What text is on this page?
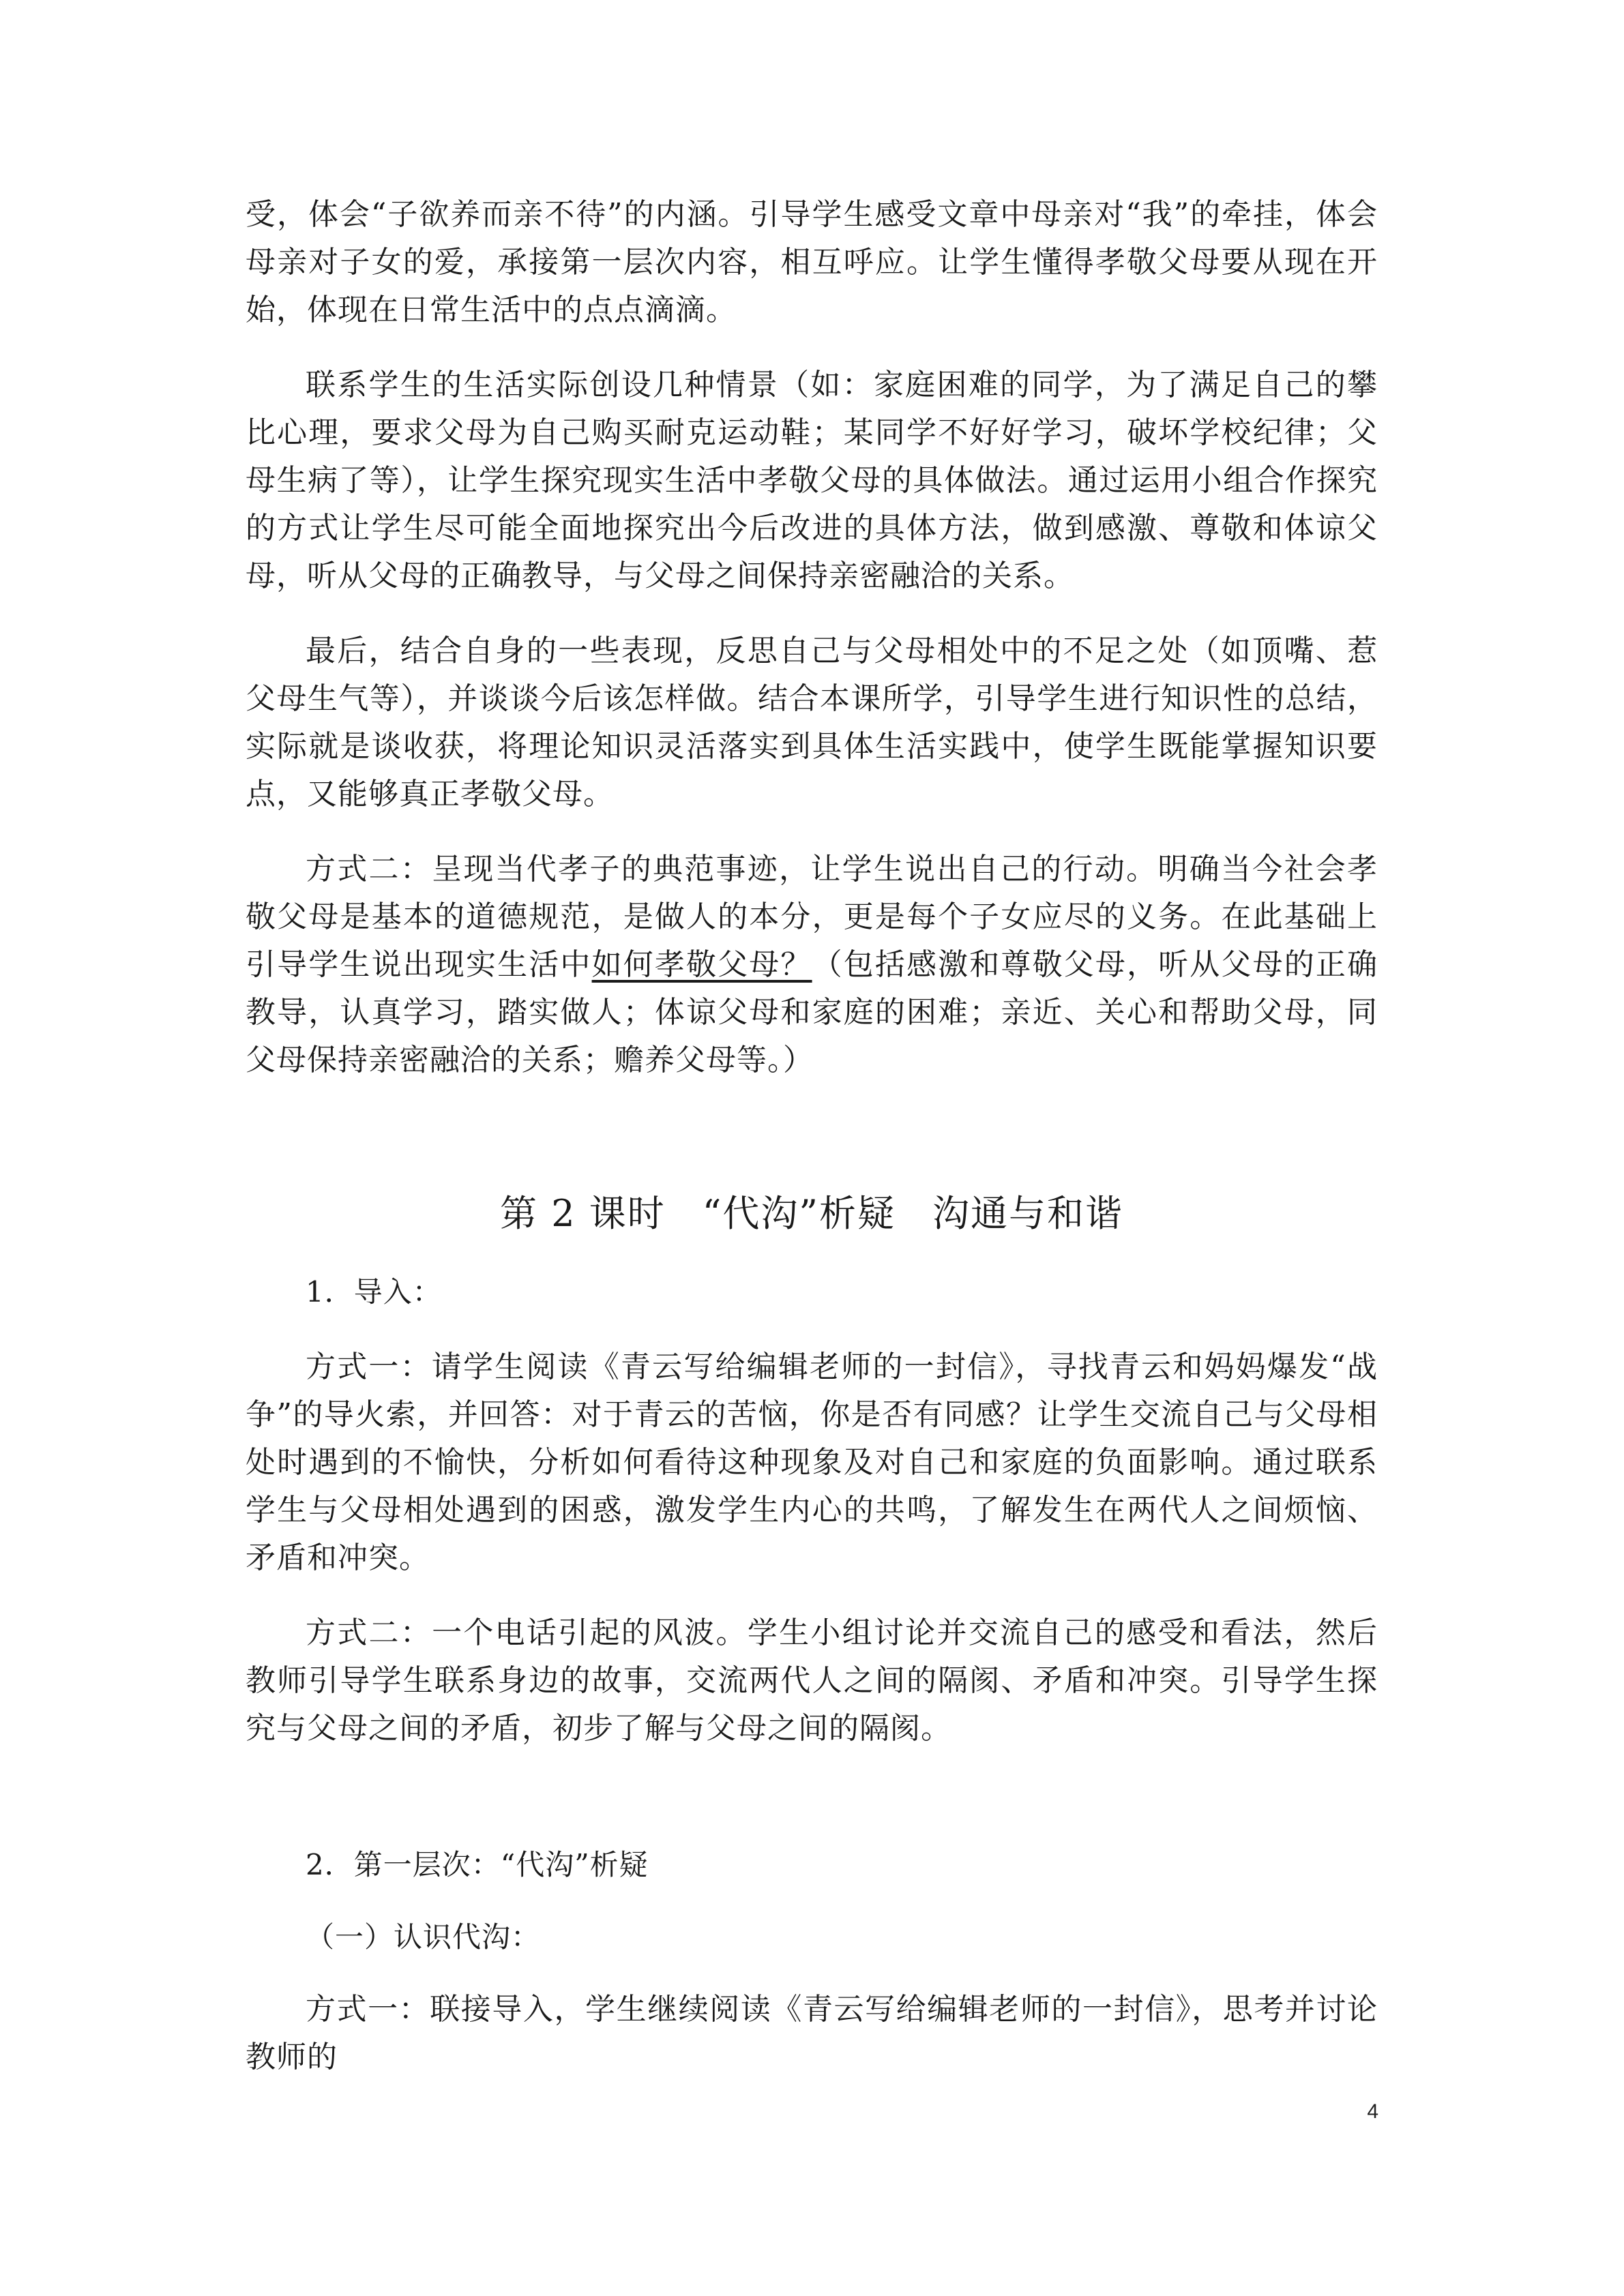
受，体会“子欲养而亲不待”的内涵。引导学生感受文章中母亲对“我”的牵挂，体会母亲对子女的爱，承接第一层次内容，相互呼应。让学生懂得孝敬父母要从现在开始，体现在日常生活中的点点滴滴。

联系学生的生活实际创设几种情景（如：家庭困难的同学，为了满足自己的攀比心理，要求父母为自己购买耐克运动鞋；某同学不好好学习，破坏学校纪律；父母生病了等），让学生探究现实生活中孝敬父母的具体做法。通过运用小组合作探究的方式让学生尽可能全面地探究出今后改进的具体方法，做到感激、尊敬和体谅父母，听从父母的正确教导，与父母之间保持亲密融洽的关系。

最后，结合自身的一些表现，反思自己与父母相处中的不足之处（如顶嘴、惹父母生气等），并谈谈今后该怎样做。结合本课所学，引导学生进行知识性的总结，实际就是谈收获，将理论知识灵活落实到具体生活实践中，使学生既能掌握知识要点，又能够真正孝敬父母。

方式二：呈现当代孝子的典范事迹，让学生说出自己的行动。明确当今社会孝敬父母是基本的道德规范，是做人的本分，更是每个子女应尽的义务。在此基础上引导学生说出现实生活中如何孝敬父母？（包括感激和尊敬父母，听从父母的正确教导，认真学习，踏实做人；体谅父母和家庭的困难；亲近、关心和帮助父母，同父母保持亲密融洽的关系；赡养父母等。）

第 2 课时 “代沟”析疑 沟通与和谐

1．导入：

方式一：请学生阅读《青云写给编辑老师的一封信》，寻找青云和妈妈爆发“战争”的导火索，并回答：对于青云的苦恼，你是否有同感？让学生交流自己与父母相处时遇到的不愉快，分析如何看待这种现象及对自己和家庭的负面影响。通过联系学生与父母相处遇到的困惑，激发学生内心的共鸣，了解发生在两代人之间烦恼、矛盾和冲突。

方式二：一个电话引起的风波。学生小组讨论并交流自己的感受和看法，然后教师引导学生联系身边的故事，交流两代人之间的隔阂、矛盾和冲突。引导学生探究与父母之间的矛盾，初步了解与父母之间的隔阂。

2．第一层次：“代沟”析疑

（一）认识代沟：

方式一：联接导入，学生继续阅读《青云写给编辑老师的一封信》，思考并讨论教师的

4
